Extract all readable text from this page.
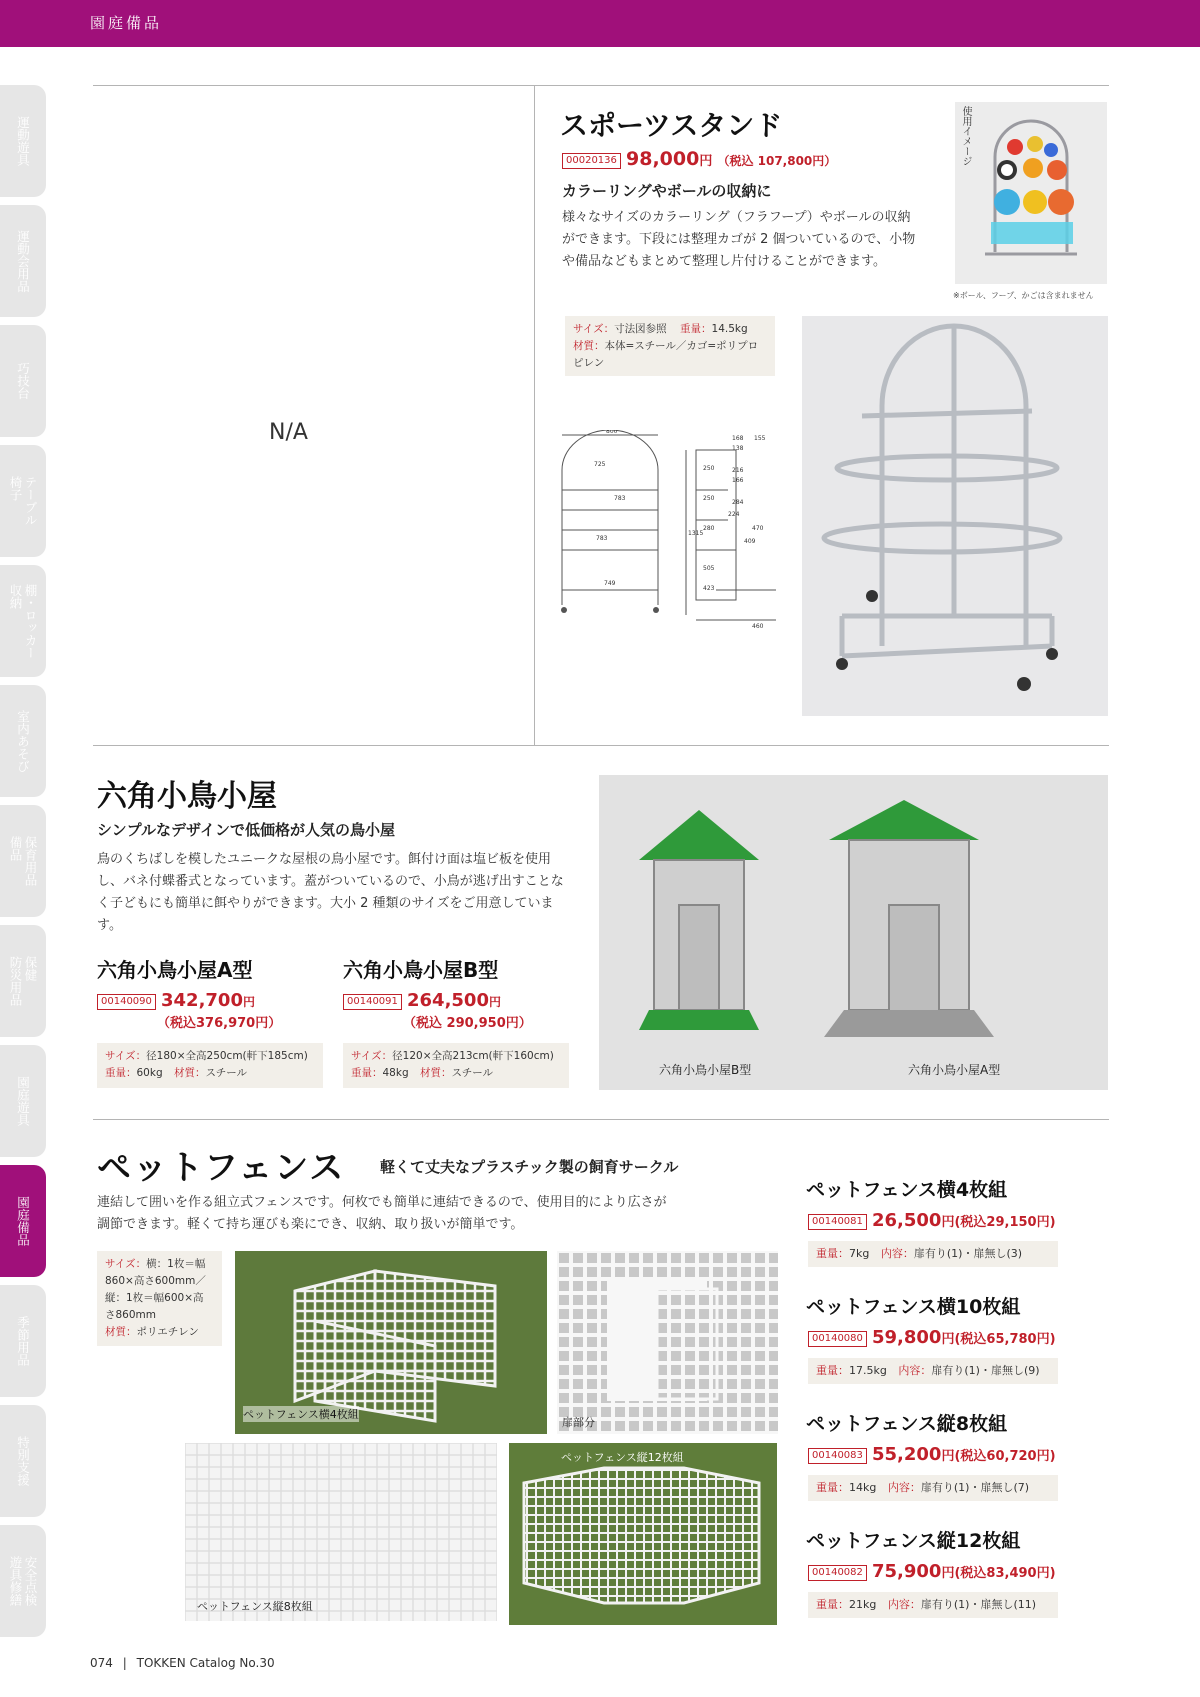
園庭備品
運動遊具
運動会用品
巧技台
テーブル
椅子
棚・ロッカー
収納
室内あそび
保育用品
備品
保健
防災用品
園庭遊具
園庭備品
季節用品
特別支援
安全点検
遊具修繕
N/A
スポーツスタンド
00020136 98,000円 （税込 107,800円）
カラーリングやボールの収納に
様々なサイズのカラーリング（フラフープ）やボールの収納ができます。下段には整理カゴが 2 個ついているので、小物や備品などもまとめて整理し片付けることができます。
使用イメージ
※ボール、フープ、かごは含まれません
サイズ：寸法図参照 重量：14.5kg
材質：本体=スチール／カゴ=ポリプロピレン
800
725
783
783
749
168 155
138
216
166
284
224
470
409
460
250
250
280
1315
505
423
六角小鳥小屋
シンプルなデザインで低価格が人気の鳥小屋
鳥のくちばしを模したユニークな屋根の鳥小屋です。餌付け面は塩ビ板を使用し、バネ付蝶番式となっています。蓋がついているので、小鳥が逃げ出すことなく子どもにも簡単に餌やりができます。大小 2 種類のサイズをご用意しています。
六角小鳥小屋A型
00140090 342,700円
（税込376,970円）
サイズ：径180×全高250cm(軒下185cm)
重量：60kg 材質：スチール
六角小鳥小屋B型
00140091 264,500円
（税込 290,950円）
サイズ：径120×全高213cm(軒下160cm)
重量：48kg 材質：スチール	六角小鳥小屋B型	六角小鳥小屋A型
ペットフェンス 軽くて丈夫なプラスチック製の飼育サークル
連結して囲いを作る組立式フェンスです。何枚でも簡単に連結できるので、使用目的により広さが調節できます。軽くて持ち運びも楽にでき、収納、取り扱いが簡単です。
サイズ：横：1枚＝幅860×高さ600mm／縦：1枚＝幅600×高さ860mm
材質：ポリエチレン
ペットフェンス横4枚組
扉部分
ペットフェンス縦8枚組
ペットフェンス縦12枚組
ペットフェンス横4枚組
00140081 26,500円(税込29,150円)
重量：7kg 内容：扉有り(1)・扉無し(3)
ペットフェンス横10枚組
00140080 59,800円(税込65,780円)
重量：17.5kg 内容：扉有り(1)・扉無し(9)
ペットフェンス縦8枚組
00140083 55,200円(税込60,720円)
重量：14kg 内容：扉有り(1)・扉無し(7)
ペットフェンス縦12枚組
00140082 75,900円(税込83,490円)
重量：21kg 内容：扉有り(1)・扉無し(11)
074 | TOKKEN Catalog No.30
